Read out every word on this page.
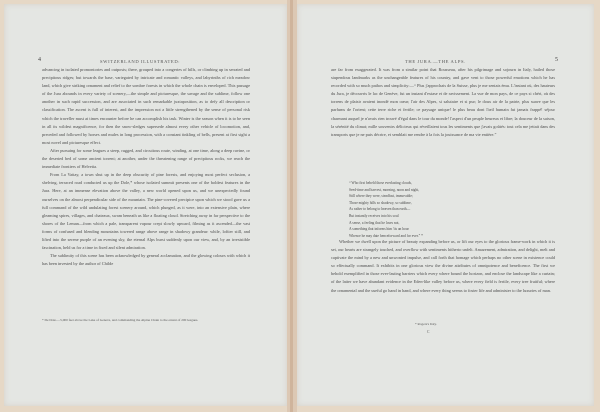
4	SWITZERLAND ILLUSTRATED:

advancing in isolated promontories and outposts; there, grouped into a congeries of hills, or climbing up in serrated and precipitous ridges; but towards the base, variegated by intricate and romantic valleys, and labyrinths of rich meadow land, which give striking ornament and relief to the sombre forests in which the whole chain is enveloped. This passage of the Jura abounds in every variety of scenery,—the simple and picturesque, the savage and the sublime, follow one another in such rapid succession, and are associated in such remarkable juxtaposition, as to defy all description or classification. The ascent is full of interest, and the impression not a little strengthened by the sense of personal risk which the traveller must at times encounter before he can accomplish his task. Winter is the season when it is to be seen in all its wildest magnificence, for then the snow-sledges supersede almost every other vehicle of locomotion, and, preceded and followed by horses and mules in long procession, with a constant tinkling of bells, present at first sight a most novel and picturesque effect.

After pursuing for some leagues a steep, rugged, and circuitous route, winding, at one time, along a deep ravine, or the deserted bed of some ancient torrent; at another, under the threatening range of precipitous rocks, we reach the immediate frontiers of Helvetia.

From La Vattay, a town shut up in the deep obscurity of pine forests, and enjoying most perfect seclusion, a shelving, terraced road conducted us up the Dole,* whose isolated summit presents one of the boldest features in the Jura. Here, at an immense elevation above the valley, a new world opened upon us, and we unexpectedly found ourselves on the almost perpendicular side of the mountain. The pine-covered precipice upon which we stood gave us a full command of the wild undulating forest scenery around, which plunged, as it were, into an extensive plain, where gleaming spires, villages, and chateaux, swam beneath us like a floating cloud. Stretching away in far perspective to the shores of the Leman—from which a pale, transparent vapour crept slowly upward, filming as it ascended—the vast forms of confused and blending mountains towered range above range in shadowy grandeur: while, loftier still, and lifted into the serene purple of an evening sky, the eternal Alps burst suddenly upon our view, and, by an irresistible fascination, held us for a time in fixed and silent admiration.

The sublimity of this scene has been acknowledged by general acclamation, and the glowing colours with which it has been invested by the author of Childe

* De Dole.—5,000 feet above the Lake of Geneva, and commanding the Alpine Chain to the extent of 200 leagues.
THE JURA.—THE ALPS.	5

are far from exaggerated. It was from a similar point that Rousseau, after his pilgrimage and sojourn in Italy, hailed those stupendous landmarks as the unchangeable features of his country, and gave vent to those powerful emotions which he has recorded with so much pathos and simplicity:—“ Plus j'approchais de la Suisse, plus je me sentais ému. L'instant où, des hauteurs du Jura, je découvris le lac de Genève, fut un instant d'extase et de ravissement. La vue de mon pays, de ce pays si chéri, où des torrens de plaisir avaient inondé mon cœur; l'air des Alpes, si salutaire et si pur; le doux air de la patrie, plus suave que les parfums de l'orient; cette terre riche et fertile; ce paysage unique! le plus beau dont l'œil humain fut jamais frappé! séjour charmant auquel je n'avais rien trouvé d'égal dans le tour du monde! l'aspect d'un peuple heureux et libre; la douceur de la saison, la sérénité du climat; mille souvenirs délicieux qui réveillaient tous les sentiments que j'avais goûtés: tout cela me jettait dans des transports que je ne puis décrire, et semblait me rendre à la fois la jouissance de ma vie entière.”

“ Who first beheld those everlasting clouds,
Seed-time and harvest, morning, noon and night,
Still where they were, steadfast, immovable;
Those mighty hills so shadowy, so sublime,
As rather to belong to heaven than earth—
But instantly receives into his soul
A sense, a feeling that he loses not,
A something that informs him 'tis an hour
Whence he may date henceforward and for ever.” *

Whether we dwell upon the picture of beauty expanding before us, or lift our eyes to the glorious frame-work in which it is set, our hearts are strangely touched, and overflow with sentiments hitherto unfelt. Amazement, admiration, and delight, melt and captivate the mind by a new and unwonted impulse, and call forth that homage which perhaps no other scene in existence could so effectually command. It exhibits in one glorious view the divine attributes of omnipotence and beneficence. The first we behold exemplified in those ever-lasting barriers which every where bound the horizon, and enclose the landscape like a curtain; of the latter we have abundant evidence in the Eden-like valley before us, where every field is fertile, every tree fruitful; where the ornamental and the useful go hand in hand, and where every thing seems to foster life and administer to the luxuries of man.

* Rogers's Italy.
C
